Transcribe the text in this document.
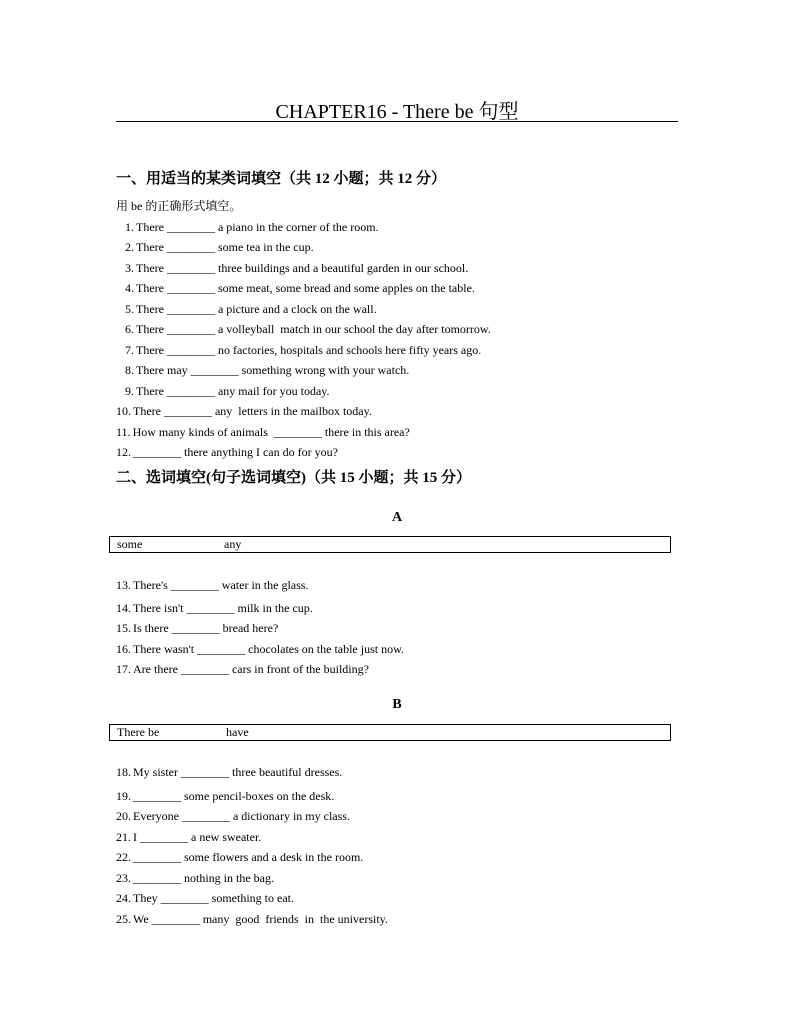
CHAPTER16 - There be 句型
一、用适当的某类词填空（共 12 小题；共 12 分）
用 be 的正确形式填空。
1. There ________ a piano in the corner of the room.
2. There ________ some tea in the cup.
3. There ________ three buildings and a beautiful garden in our school.
4. There ________ some meat, some bread and some apples on the table.
5. There ________ a picture and a clock on the wall.
6. There ________ a volleyball  match in our school the day after tomorrow.
7. There ________ no factories, hospitals and schools here fifty years ago.
8. There may ________ something wrong with your watch.
9. There ________ any mail for you today.
10. There ________ any  letters in the mailbox today.
11. How many kinds of animals  ________ there in this area?
12. ________ there anything I can do for you?
二、选词填空(句子选词填空)（共 15 小题；共 15 分）
A
some	any
13. There's ________ water in the glass.
14. There isn't ________ milk in the cup.
15. Is there ________ bread here?
16. There wasn't ________ chocolates on the table just now.
17. Are there ________ cars in front of the building?
B
There be	have
18. My sister ________ three beautiful dresses.
19. ________ some pencil-boxes on the desk.
20. Everyone ________ a dictionary in my class.
21. I ________ a new sweater.
22. ________ some flowers and a desk in the room.
23. ________ nothing in the bag.
24. They ________ something to eat.
25. We ________ many  good  friends  in  the university.
